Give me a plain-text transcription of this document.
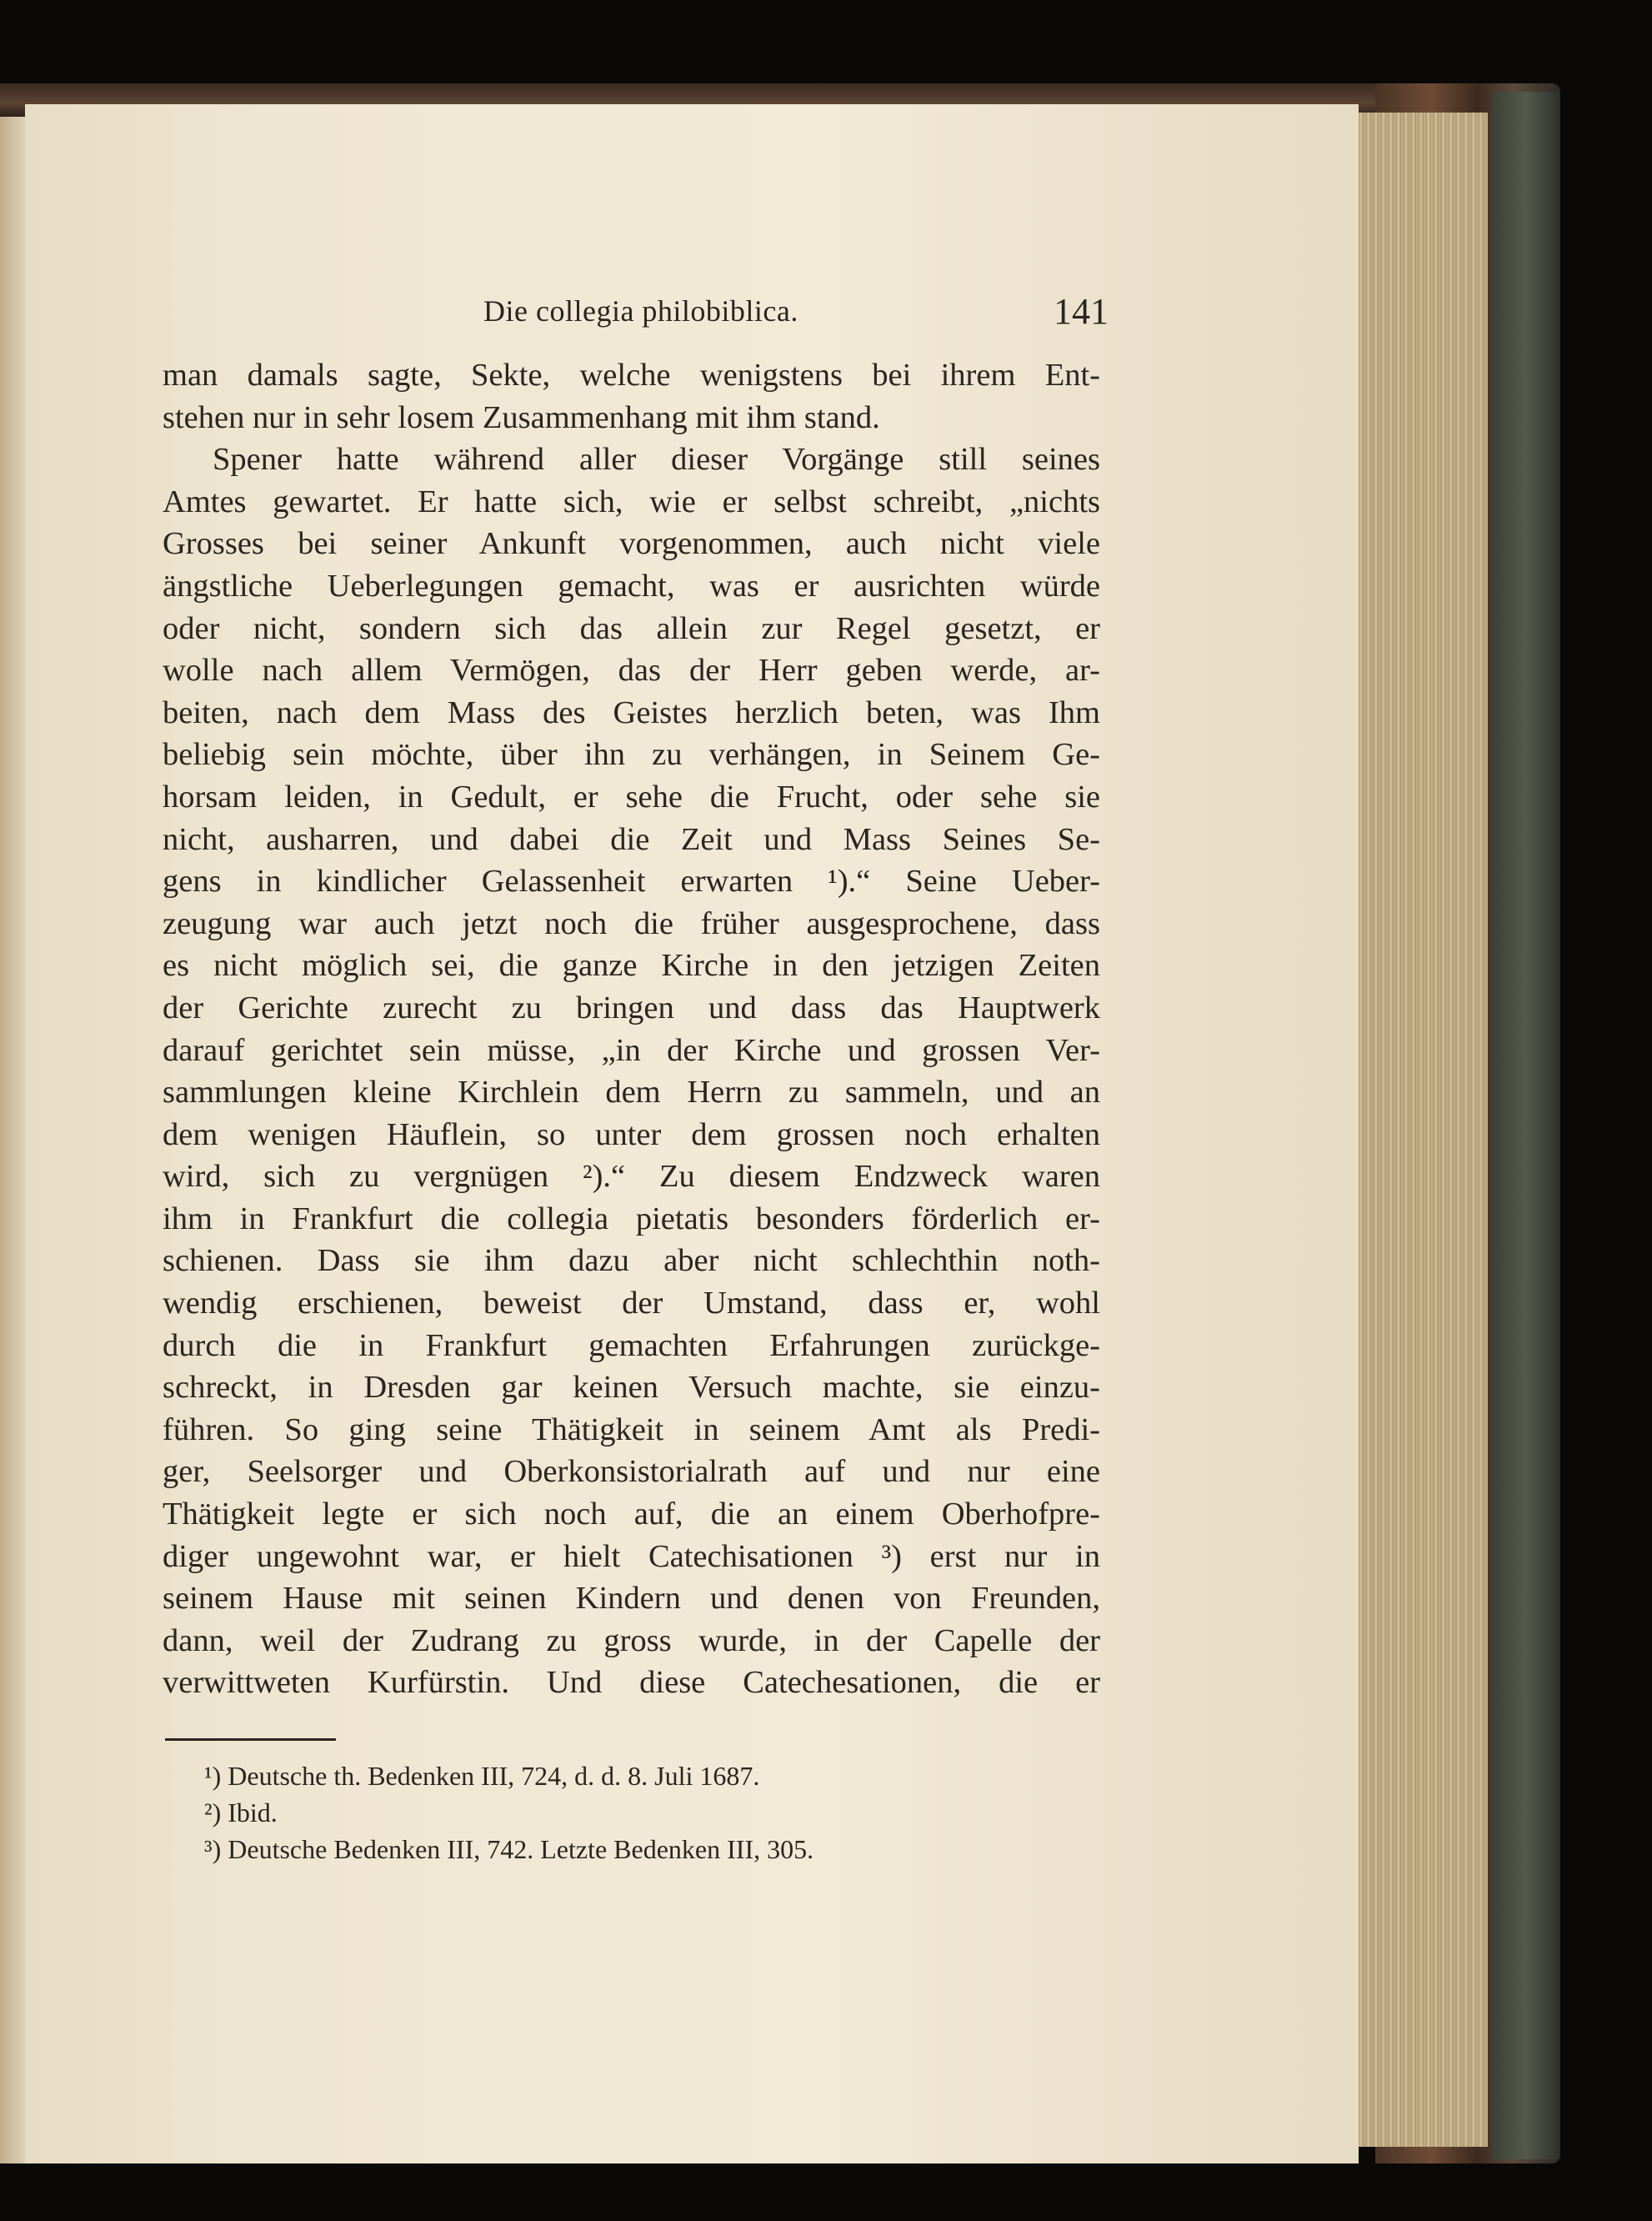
Die collegia philobiblica.	141
man damals sagte, Sekte, welche wenigstens bei ihrem Ent-
stehen nur in sehr losem Zusammenhang mit ihm stand.
Spener hatte während aller dieser Vorgänge still seines
Amtes gewartet. Er hatte sich, wie er selbst schreibt, „nichts
Grosses bei seiner Ankunft vorgenommen, auch nicht viele
ängstliche Ueberlegungen gemacht, was er ausrichten würde
oder nicht, sondern sich das allein zur Regel gesetzt, er
wolle nach allem Vermögen, das der Herr geben werde, ar-
beiten, nach dem Mass des Geistes herzlich beten, was Ihm
beliebig sein möchte, über ihn zu verhängen, in Seinem Ge-
horsam leiden, in Gedult, er sehe die Frucht, oder sehe sie
nicht, ausharren, und dabei die Zeit und Mass Seines Se-
gens in kindlicher Gelassenheit erwarten ¹).“ Seine Ueber-
zeugung war auch jetzt noch die früher ausgesprochene, dass
es nicht möglich sei, die ganze Kirche in den jetzigen Zeiten
der Gerichte zurecht zu bringen und dass das Hauptwerk
darauf gerichtet sein müsse, „in der Kirche und grossen Ver-
sammlungen kleine Kirchlein dem Herrn zu sammeln, und an
dem wenigen Häuflein, so unter dem grossen noch erhalten
wird, sich zu vergnügen ²).“ Zu diesem Endzweck waren
ihm in Frankfurt die collegia pietatis besonders förderlich er-
schienen. Dass sie ihm dazu aber nicht schlechthin noth-
wendig erschienen, beweist der Umstand, dass er, wohl
durch die in Frankfurt gemachten Erfahrungen zurückge-
schreckt, in Dresden gar keinen Versuch machte, sie einzu-
führen. So ging seine Thätigkeit in seinem Amt als Predi-
ger, Seelsorger und Oberkonsistorialrath auf und nur eine
Thätigkeit legte er sich noch auf, die an einem Oberhofpre-
diger ungewohnt war, er hielt Catechisationen ³) erst nur in
seinem Hause mit seinen Kindern und denen von Freunden,
dann, weil der Zudrang zu gross wurde, in der Capelle der
verwittweten Kurfürstin. Und diese Catechesationen, die er
¹) Deutsche th. Bedenken III, 724, d. d. 8. Juli 1687.
²) Ibid.
³) Deutsche Bedenken III, 742. Letzte Bedenken III, 305.
